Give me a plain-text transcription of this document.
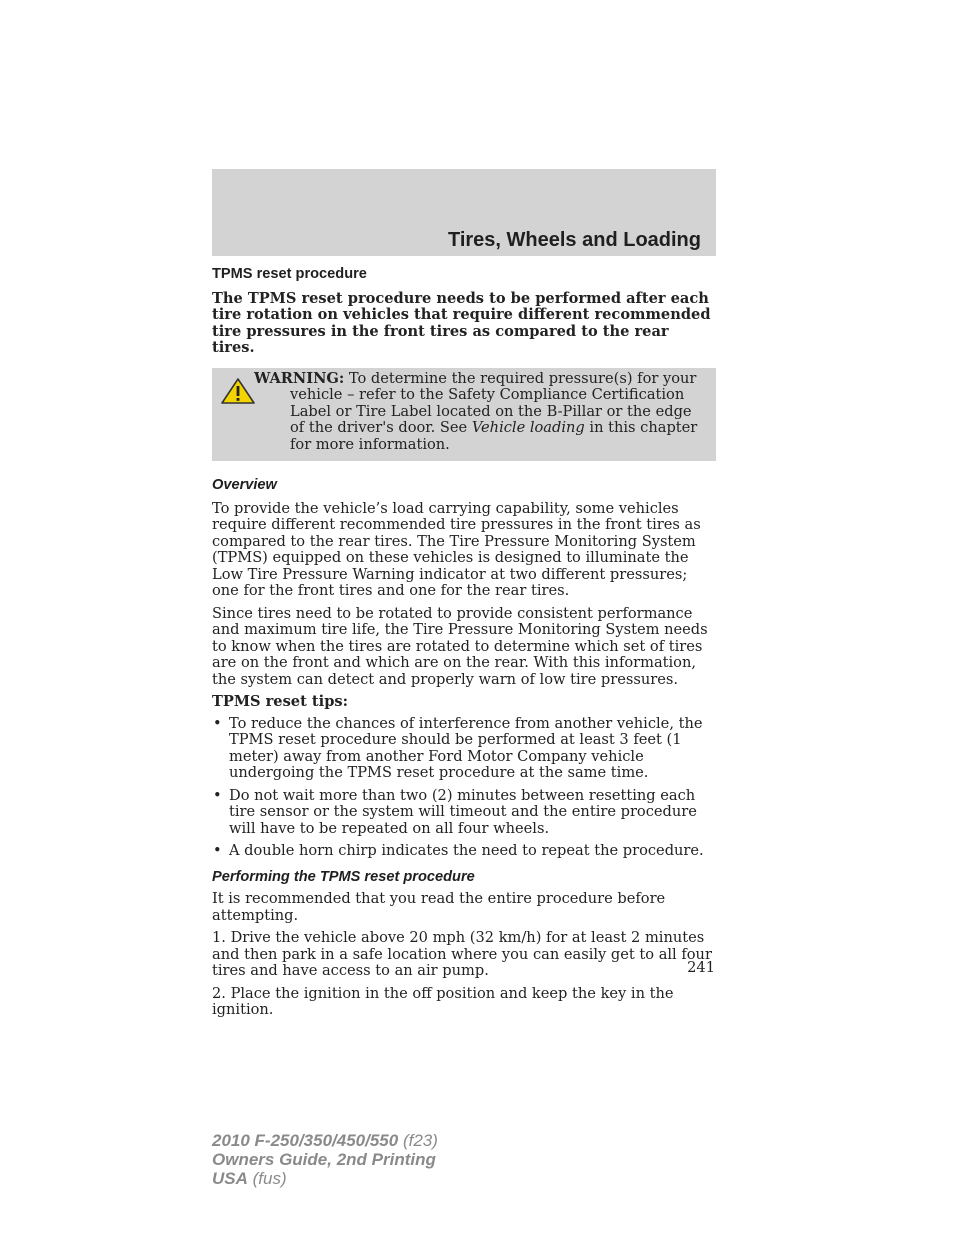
Tires, Wheels and Loading
TPMS reset procedure

The TPMS reset procedure needs to be performed after each tire rotation on vehicles that require different recommended tire pressures in the front tires as compared to the rear tires.

WARNING: To determine the required pressure(s) for your vehicle – refer to the Safety Compliance Certification Label or Tire Label located on the B-Pillar or the edge of the driver's door. See Vehicle loading in this chapter for more information.

Overview

To provide the vehicle’s load carrying capability, some vehicles require different recommended tire pressures in the front tires as compared to the rear tires. The Tire Pressure Monitoring System (TPMS) equipped on these vehicles is designed to illuminate the Low Tire Pressure Warning indicator at two different pressures; one for the front tires and one for the rear tires.

Since tires need to be rotated to provide consistent performance and maximum tire life, the Tire Pressure Monitoring System needs to know when the tires are rotated to determine which set of tires are on the front and which are on the rear. With this information, the system can detect and properly warn of low tire pressures.

TPMS reset tips:

• To reduce the chances of interference from another vehicle, the TPMS reset procedure should be performed at least 3 feet (1 meter) away from another Ford Motor Company vehicle undergoing the TPMS reset procedure at the same time.
• Do not wait more than two (2) minutes between resetting each tire sensor or the system will timeout and the entire procedure will have to be repeated on all four wheels.
• A double horn chirp indicates the need to repeat the procedure.
Performing the TPMS reset procedure

It is recommended that you read the entire procedure before attempting.

1. Drive the vehicle above 20 mph (32 km/h) for at least 2 minutes and then park in a safe location where you can easily get to all four tires and have access to an air pump.

2. Place the ignition in the off position and keep the key in the ignition.

241
2010 F-250/350/450/550 (f23)
Owners Guide, 2nd Printing
USA (fus)
